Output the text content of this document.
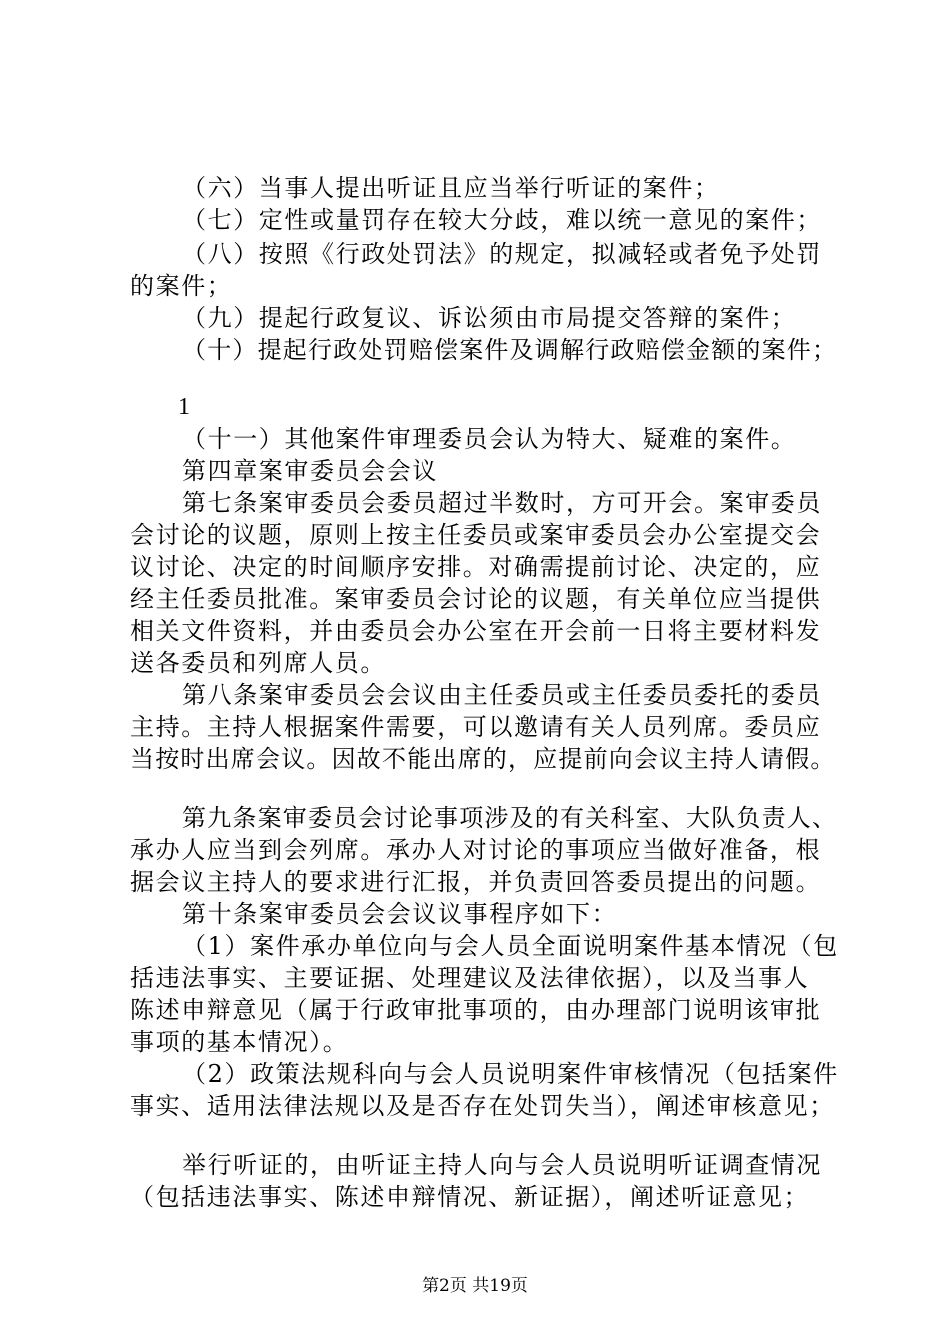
（六）当事人提出听证且应当举行听证的案件；
（七）定性或量罚存在较大分歧，难以统一意见的案件；
（八）按照《行政处罚法》的规定，拟减轻或者免予处罚
的案件；
（九）提起行政复议、诉讼须由市局提交答辩的案件；
（十）提起行政处罚赔偿案件及调解行政赔偿金额的案件；
1
（十一）其他案件审理委员会认为特大、疑难的案件。
第四章案审委员会会议
第七条案审委员会委员超过半数时，方可开会。案审委员
会讨论的议题，原则上按主任委员或案审委员会办公室提交会
议讨论、决定的时间顺序安排。对确需提前讨论、决定的，应
经主任委员批准。案审委员会讨论的议题，有关单位应当提供
相关文件资料，并由委员会办公室在开会前一日将主要材料发
送各委员和列席人员。
第八条案审委员会会议由主任委员或主任委员委托的委员
主持。主持人根据案件需要，可以邀请有关人员列席。委员应
当按时出席会议。因故不能出席的，应提前向会议主持人请假。
第九条案审委员会讨论事项涉及的有关科室、大队负责人、
承办人应当到会列席。承办人对讨论的事项应当做好准备，根
据会议主持人的要求进行汇报，并负责回答委员提出的问题。
第十条案审委员会会议议事程序如下：
（1）案件承办单位向与会人员全面说明案件基本情况（包
括违法事实、主要证据、处理建议及法律依据），以及当事人
陈述申辩意见（属于行政审批事项的，由办理部门说明该审批
事项的基本情况）。
（2）政策法规科向与会人员说明案件审核情况（包括案件
事实、适用法律法规以及是否存在处罚失当），阐述审核意见；
举行听证的，由听证主持人向与会人员说明听证调查情况
（包括违法事实、陈述申辩情况、新证据），阐述听证意见；
第2页 共19页
